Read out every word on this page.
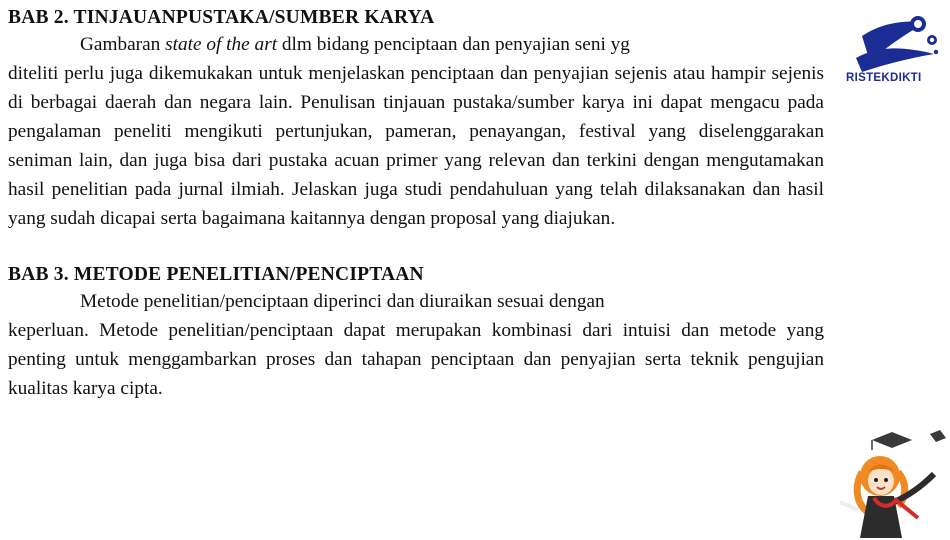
BAB 2. TINJAUANPUSTAKA/SUMBER KARYA

Gambaran state of the art dlm bidang penciptaan dan penyajian seni yg

diteliti perlu juga dikemukakan untuk menjelaskan penciptaan dan penyajian sejenis atau hampir sejenis di berbagai daerah dan negara lain. Penulisan tinjauan pustaka/sumber karya ini dapat mengacu pada pengalaman peneliti mengikuti pertunjukan, pameran, penayangan, festival yang diselenggarakan seniman lain, dan juga bisa dari pustaka acuan primer yang relevan dan terkini dengan mengutamakan hasil penelitian pada jurnal ilmiah. Jelaskan juga studi pendahuluan yang telah dilaksanakan dan hasil yang sudah dicapai serta bagaimana kaitannya dengan proposal yang diajukan.

BAB 3. METODE PENELITIAN/PENCIPTAAN

Metode penelitian/penciptaan diperinci dan diuraikan sesuai dengan

keperluan. Metode penelitian/penciptaan dapat merupakan kombinasi dari intuisi dan metode yang penting untuk menggambarkan proses dan tahapan penciptaan dan penyajian serta teknik pengujian kualitas karya cipta.

RISTEKDIKTI
